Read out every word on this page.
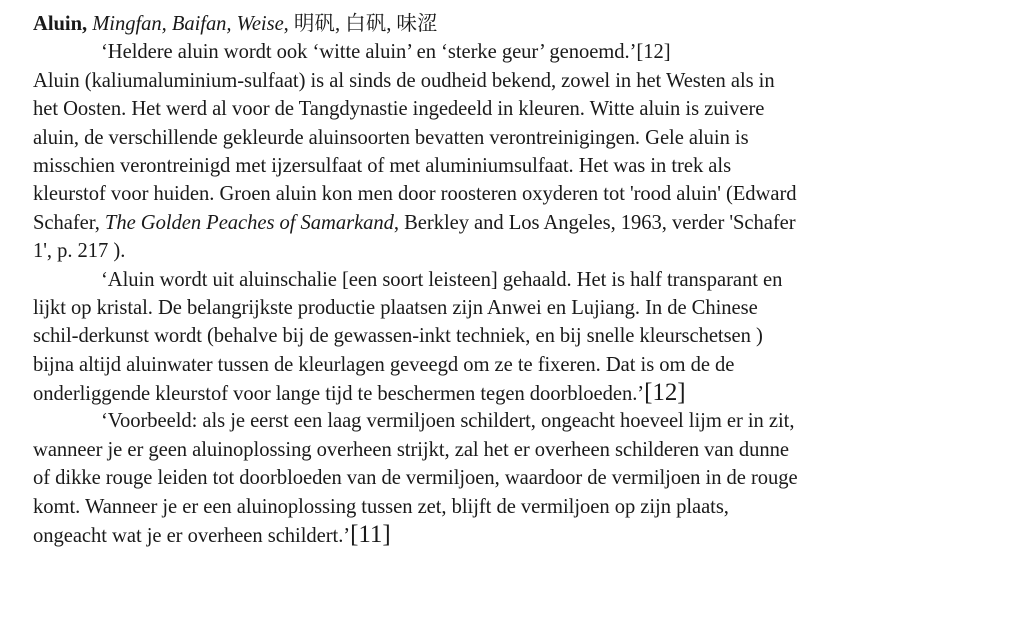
Aluin, Mingfan, Baifan, Weise, 明矾, 白矾, 味涩
‘Heldere aluin wordt ook ‘witte aluin’ en ‘sterke geur’ genoemd.’[12]
Aluin (kaliumaluminium-sulfaat) is al sinds de oudheid bekend, zowel in het Westen als in
het Oosten. Het werd al voor de Tangdynastie ingedeeld in kleuren. Witte aluin is zuivere
aluin, de verschillende gekleurde aluinsoorten bevatten verontreinigingen. Gele aluin is
misschien verontreinigd met ijzersulfaat of met aluminiumsulfaat. Het was in trek als
kleurstof voor huiden. Groen aluin kon men door roosteren oxyderen tot 'rood aluin' (Edward
Schafer, The Golden Peaches of Samarkand, Berkley and Los Angeles, 1963, verder 'Schafer
1', p. 217 ).
‘Aluin wordt uit aluinschalie [een soort leisteen] gehaald. Het is half transparant en
lijkt op kristal. De belangrijkste productie plaatsen zijn Anwei en Lujiang. In de Chinese
schil-derkunst wordt (behalve bij de gewassen-inkt techniek, en bij snelle kleurschetsen )
bijna altijd aluinwater tussen de kleurlagen geveegd om ze te fixeren. Dat is om de de
onderliggende kleurstof voor lange tijd te beschermen tegen doorbloeden.’[12]
‘Voorbeeld: als je eerst een laag vermiljoen schildert, ongeacht hoeveel lijm er in zit,
wanneer je er geen aluinoplossing overheen strijkt, zal het er overheen schilderen van dunne
of dikke rouge leiden tot doorbloeden van de vermiljoen, waardoor de vermiljoen in de rouge
komt. Wanneer je er een aluinoplossing tussen zet, blijft de vermiljoen op zijn plaats,
ongeacht wat je er overheen schildert.’[11]
